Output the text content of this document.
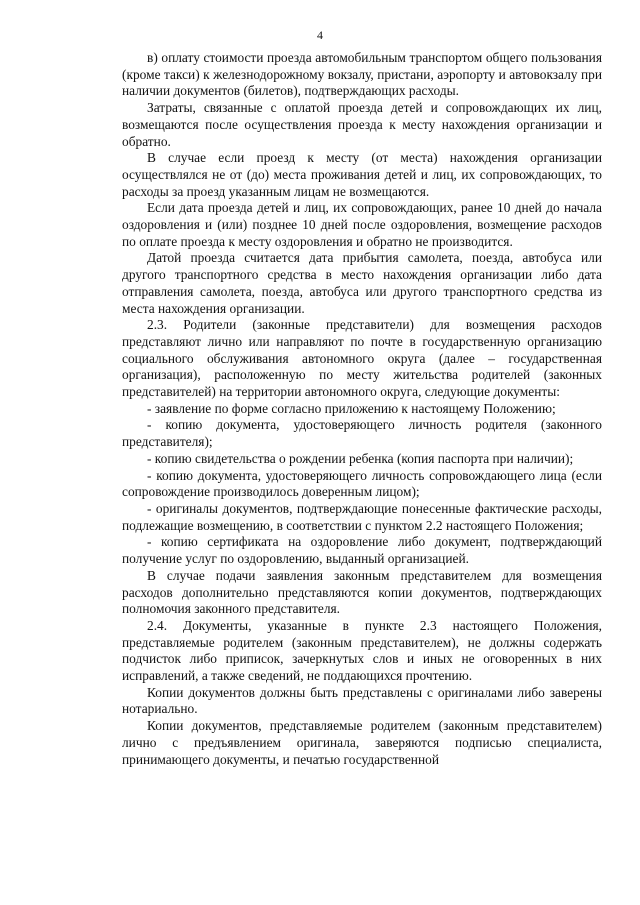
4

в) оплату стоимости проезда автомобильным транспортом общего пользования (кроме такси) к железнодорожному вокзалу, пристани, аэропорту и автовокзалу при наличии документов (билетов), подтверждающих расходы.

Затраты, связанные с оплатой проезда детей и сопровождающих их лиц, возмещаются после осуществления проезда к месту нахождения организации и обратно.

В случае если проезд к месту (от места) нахождения организации осуществлялся не от (до) места проживания детей и лиц, их сопровождающих, то расходы за проезд указанным лицам не возмещаются.

Если дата проезда детей и лиц, их сопровождающих, ранее 10 дней до начала оздоровления и (или) позднее 10 дней после оздоровления, возмещение расходов по оплате проезда к месту оздоровления и обратно не производится.

Датой проезда считается дата прибытия самолета, поезда, автобуса или другого транспортного средства в место нахождения организации либо дата отправления самолета, поезда, автобуса или другого транспортного средства из места нахождения организации.

2.3. Родители (законные представители) для возмещения расходов представляют лично или направляют по почте в государственную организацию социального обслуживания автономного округа (далее – государственная организация), расположенную по месту жительства родителей (законных представителей) на территории автономного округа, следующие документы:

- заявление по форме согласно приложению к настоящему Положению;

- копию документа, удостоверяющего личность родителя (законного представителя);

- копию свидетельства о рождении ребенка (копия паспорта при наличии);

- копию документа, удостоверяющего личность сопровождающего лица (если сопровождение производилось доверенным лицом);

- оригиналы документов, подтверждающие понесенные фактические расходы, подлежащие возмещению, в соответствии с пунктом 2.2 настоящего Положения;

- копию сертификата на оздоровление либо документ, подтверждающий получение услуг по оздоровлению, выданный организацией.

В случае подачи заявления законным представителем для возмещения расходов дополнительно представляются копии документов, подтверждающих полномочия законного представителя.

2.4. Документы, указанные в пункте 2.3 настоящего Положения, представляемые родителем (законным представителем), не должны содержать подчисток либо приписок, зачеркнутых слов и иных не оговоренных в них исправлений, а также сведений, не поддающихся прочтению.

Копии документов должны быть представлены с оригиналами либо заверены нотариально.

Копии документов, представляемые родителем (законным представителем) лично с предъявлением оригинала, заверяются подписью специалиста, принимающего документы, и печатью государственной
